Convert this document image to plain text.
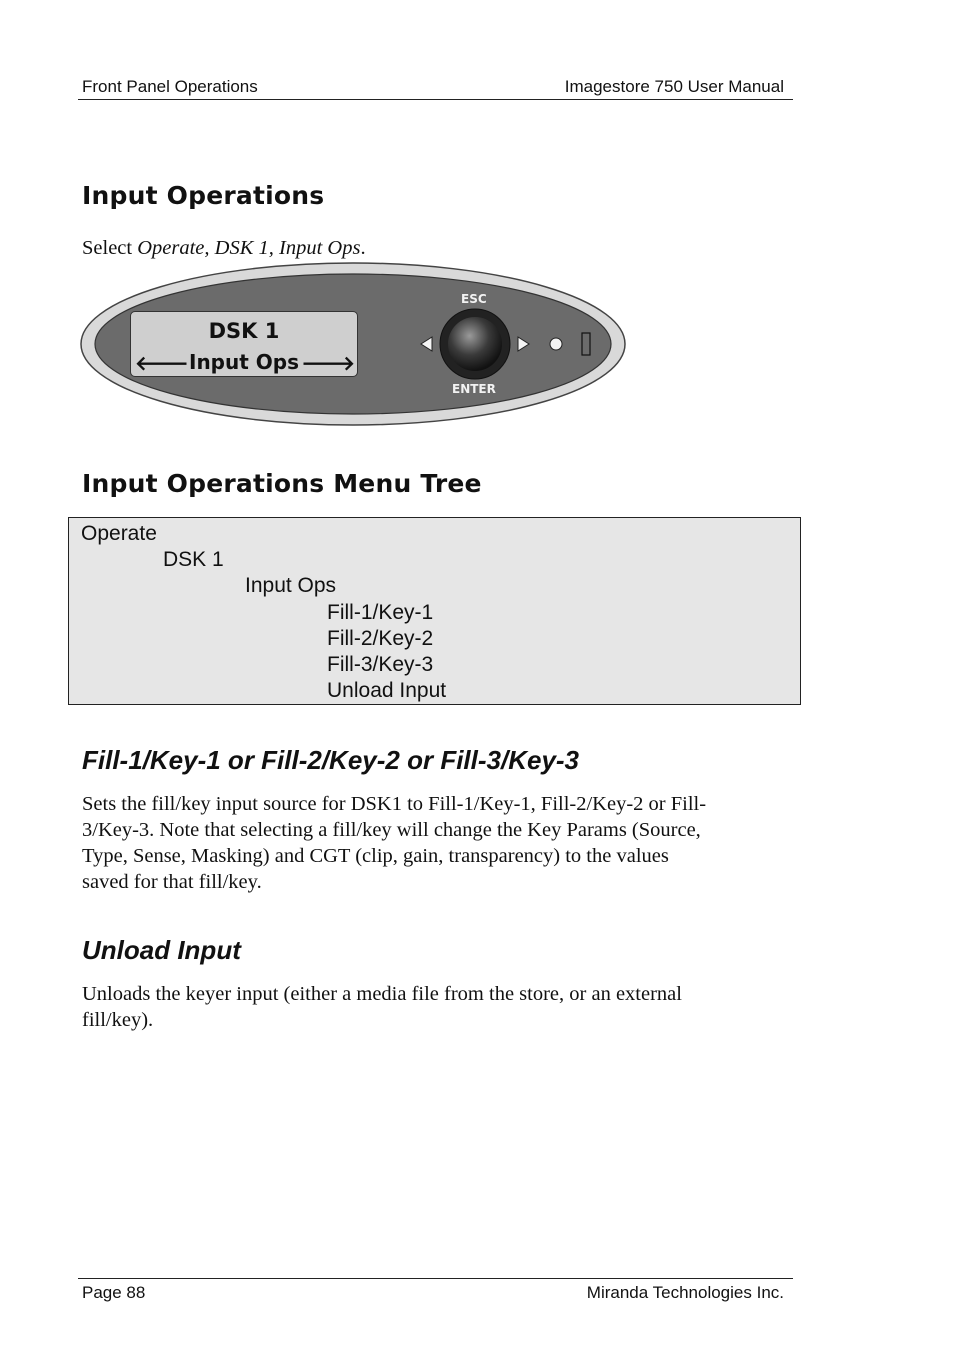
Front Panel Operations	Imagestore 750 User Manual
Input Operations
Select Operate, DSK 1, Input Ops.
DSK 1
🡐 Input Ops 🡒
ESC
ENTER
Input Operations Menu Tree
Operate
DSK 1
Input Ops
Fill-1/Key-1
Fill-2/Key-2
Fill-3/Key-3
Unload Input
Fill-1/Key-1 or Fill-2/Key-2 or Fill-3/Key-3
Sets the fill/key input source for DSK1 to Fill-1/Key-1, Fill-2/Key-2 or Fill-
3/Key-3. Note that selecting a fill/key will change the Key Params (Source,
Type, Sense, Masking) and CGT (clip, gain, transparency) to the values
saved for that fill/key.
Unload Input
Unloads the keyer input (either a media file from the store, or an external
fill/key).
Page 88	Miranda Technologies Inc.
